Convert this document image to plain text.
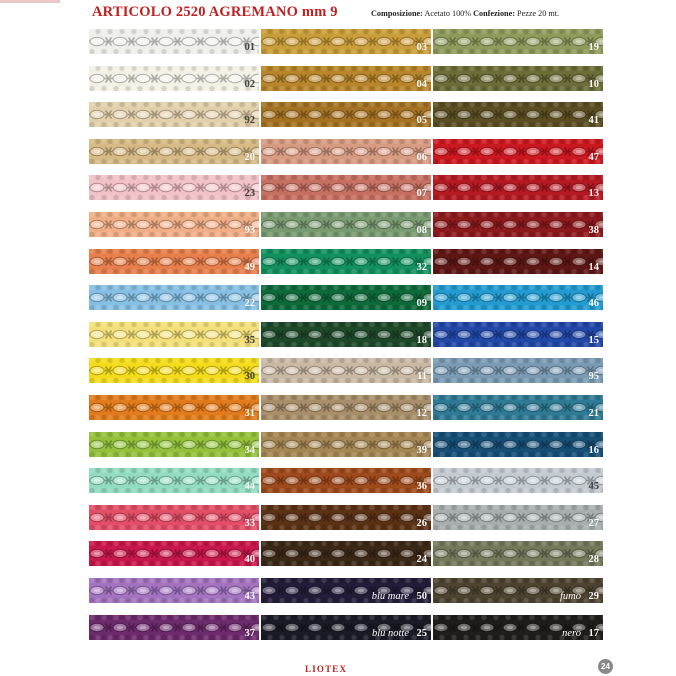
ARTICOLO 2520 AGREMANO mm 9	Composizione: Acetato 100% Confezione: Pezze 20 mt.
01
02
92
20
23
93
49
22
35
30
31
34
44
33
40
43
37
03
04
05
06
07
08
32
09
18
11
12
39
36
26
24
blu mare 50
blu notte 25
19
10
41
47
13
38
14
46
15
95
21
16
45
27
28
fumo 29
nero 17
LIOTEX	24
